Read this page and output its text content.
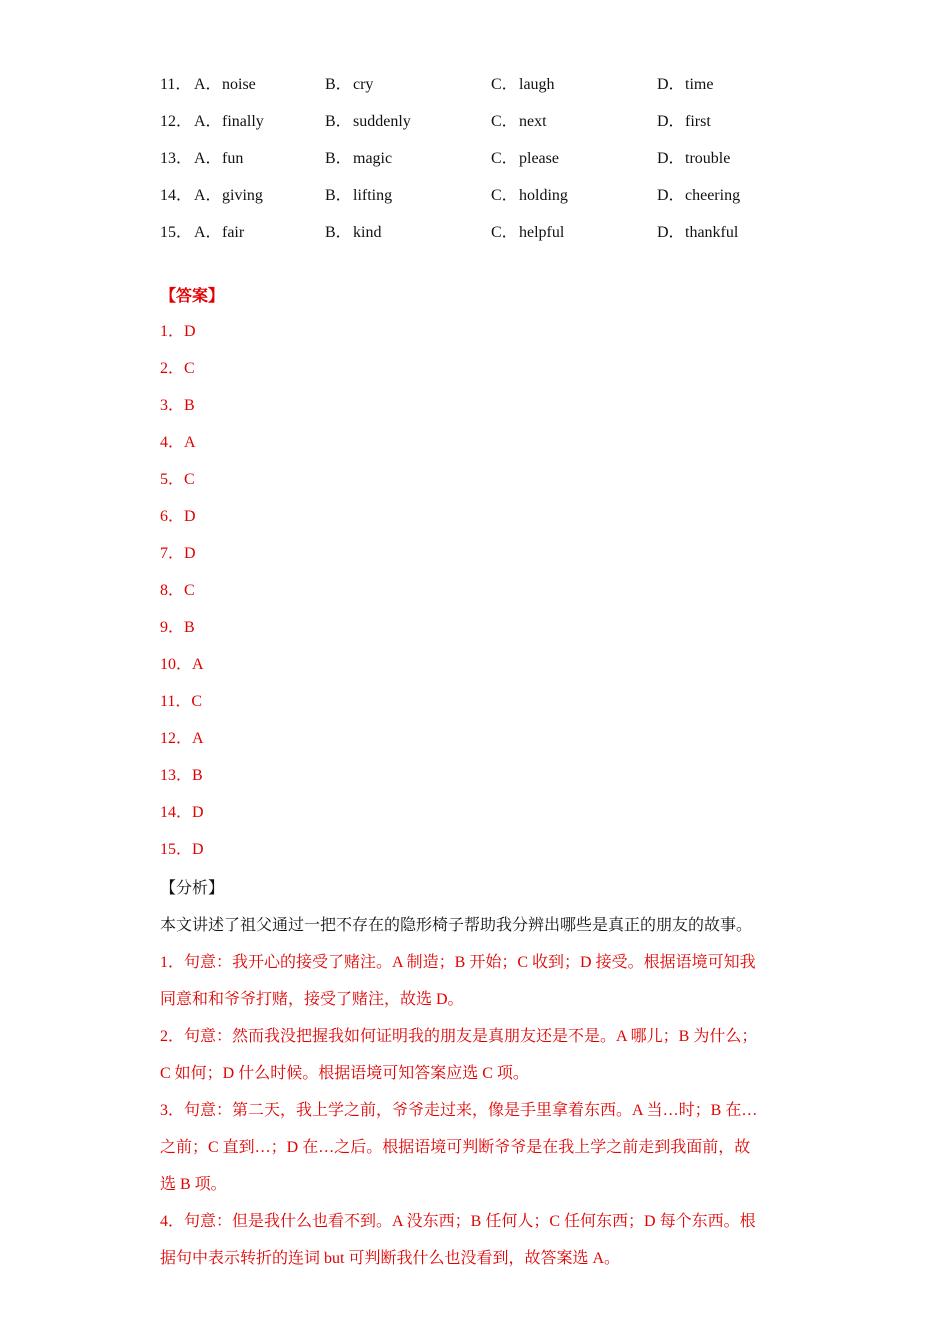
11． A．noise	B．cry	C．laugh	D．time
12． A．finally	B．suddenly	C．next	D．first
13． A．fun	B．magic	C．please	D．trouble
14． A．giving	B．lifting	C．holding	D．cheering
15． A．fair	B．kind	C．helpful	D．thankful
【答案】
1．D
2．C
3．B
4．A
5．C
6．D
7．D
8．C
9．B
10．A
11．C
12．A
13．B
14．D
15．D
【分析】
本文讲述了祖父通过一把不存在的隐形椅子帮助我分辨出哪些是真正的朋友的故事。
1．句意：我开心的接受了赌注。A 制造；B 开始；C 收到；D 接受。根据语境可知我
同意和和爷爷打赌，接受了赌注，故选 D。
2．句意：然而我没把握我如何证明我的朋友是真朋友还是不是。A 哪儿；B 为什么；
C 如何；D 什么时候。根据语境可知答案应选 C 项。
3．句意：第二天，我上学之前，爷爷走过来，像是手里拿着东西。A 当…时；B 在…
之前；C 直到…；D 在…之后。根据语境可判断爷爷是在我上学之前走到我面前，故
选 B 项。
4．句意：但是我什么也看不到。A 没东西；B 任何人；C 任何东西；D 每个东西。根
据句中表示转折的连词 but 可判断我什么也没看到，故答案选 A。
